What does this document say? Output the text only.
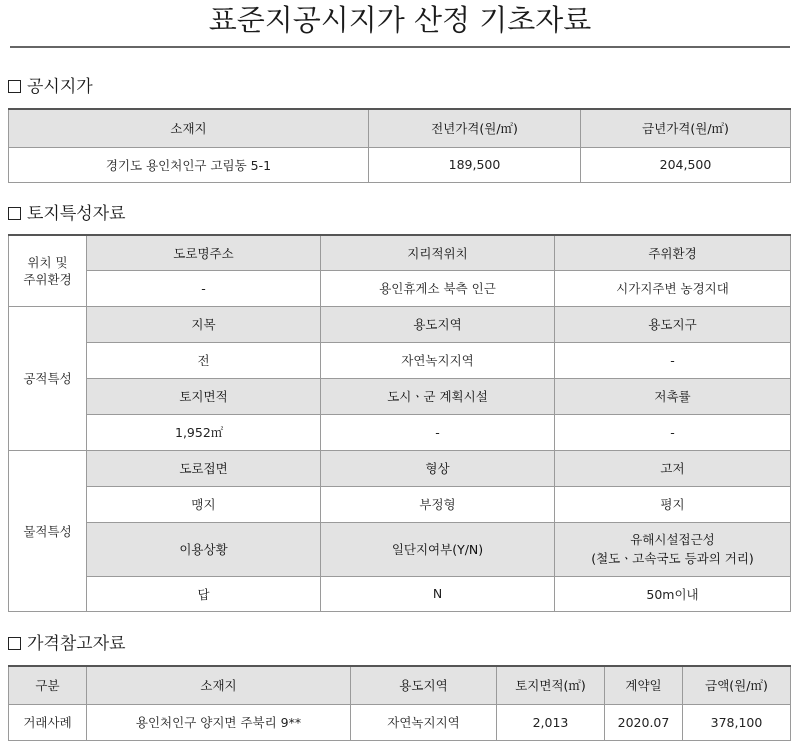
표준지공시지가 산정 기초자료
공시지가
소재지	전년가격(원/㎡)	금년가격(원/㎡)
경기도 용인처인구 고림동 5-1	189,500	204,500
토지특성자료
위치 및
주위환경	도로명주소	지리적위치	주위환경
	-	용인휴게소 북측 인근	시가지주변 농경지대
공적특성	지목	용도지역	용도지구
	전	자연녹지지역	-
	토지면적	도시ㆍ군 계획시설	저촉률
	1,952㎡	-	-
물적특성	도로접면	형상	고저
	맹지	부정형	평지
	이용상황	일단지여부(Y/N)	유해시설접근성
(철도ㆍ고속국도 등과의 거리)
	답	N	50m이내
가격참고자료
구분	소재지	용도지역	토지면적(㎡)	계약일	금액(원/㎡)
거래사례	용인처인구 양지면 주북리 9**	자연녹지지역	2,013	2020.07	378,100
